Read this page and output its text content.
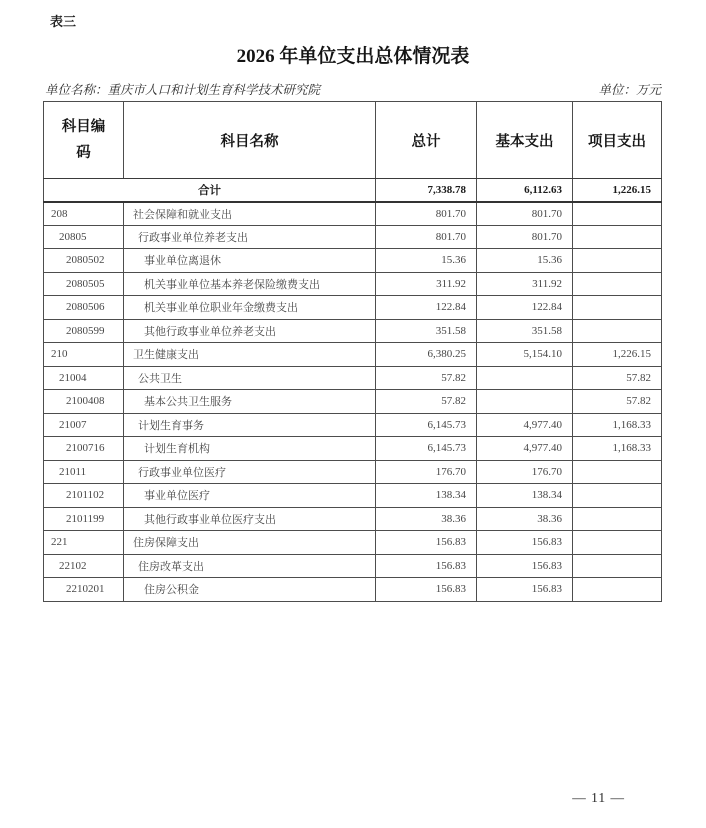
表三
2026 年单位支出总体情况表
单位名称：重庆市人口和计划生育科学技术研究院	单位：万元
科目编
码	科目名称	总计	基本支出	项目支出
合计		7,338.78	6,112.63	1,226.15
208	社会保障和就业支出	801.70	801.70	
20805	行政事业单位养老支出	801.70	801.70	
2080502	事业单位离退休	15.36	15.36	
2080505	机关事业单位基本养老保险缴费支出	311.92	311.92	
2080506	机关事业单位职业年金缴费支出	122.84	122.84	
2080599	其他行政事业单位养老支出	351.58	351.58	
210	卫生健康支出	6,380.25	5,154.10	1,226.15
21004	公共卫生	57.82		57.82
2100408	基本公共卫生服务	57.82		57.82
21007	计划生育事务	6,145.73	4,977.40	1,168.33
2100716	计划生育机构	6,145.73	4,977.40	1,168.33
21011	行政事业单位医疗	176.70	176.70	
2101102	事业单位医疗	138.34	138.34	
2101199	其他行政事业单位医疗支出	38.36	38.36	
221	住房保障支出	156.83	156.83	
22102	住房改革支出	156.83	156.83	
2210201	住房公积金	156.83	156.83	
— 11 —
